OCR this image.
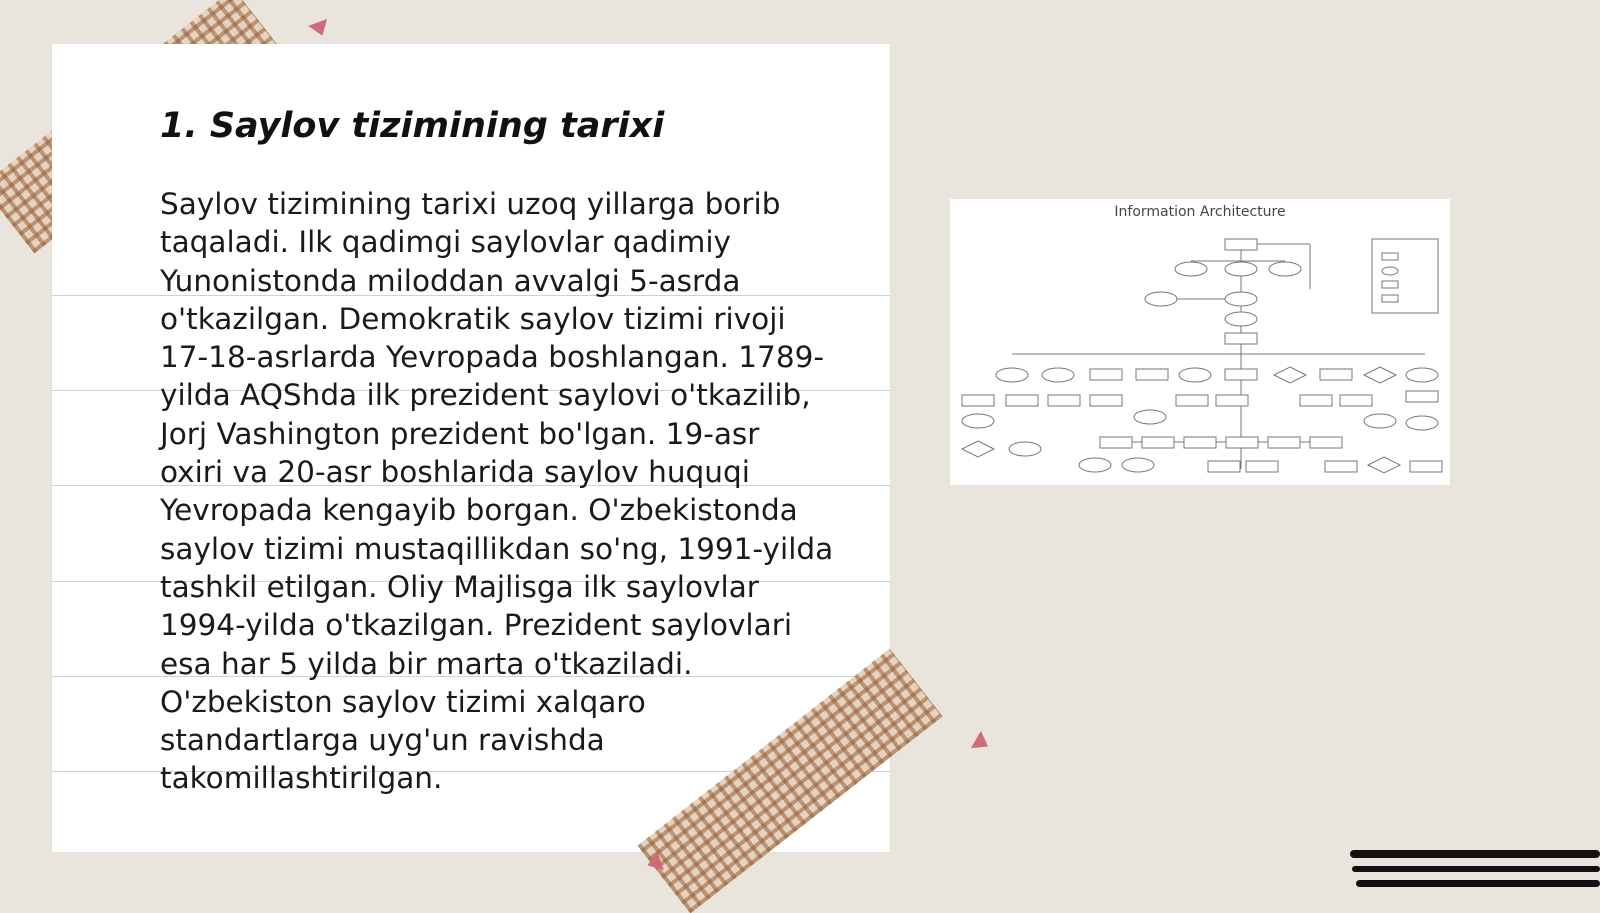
1. Saylov tizimining tarixi

Saylov tizimining tarixi uzoq yillarga borib
taqaladi. Ilk qadimgi saylovlar qadimiy
Yunonistonda miloddan avvalgi 5-asrda
o'tkazilgan. Demokratik saylov tizimi rivoji
17-18-asrlarda Yevropada boshlangan. 1789-
yilda AQShda ilk prezident saylovi o'tkazilib,
Jorj Vashington prezident bo'lgan. 19-asr
oxiri va 20-asr boshlarida saylov huquqi
Yevropada kengayib borgan. O'zbekistonda
saylov tizimi mustaqillikdan so'ng, 1991-yilda
tashkil etilgan. Oliy Majlisga ilk saylovlar
1994-yilda o'tkazilgan. Prezident saylovlari
esa har 5 yilda bir marta o'tkaziladi.
O'zbekiston saylov tizimi xalqaro
standartlarga uyg'un ravishda
takomillashtirilgan.

Information Architecture
